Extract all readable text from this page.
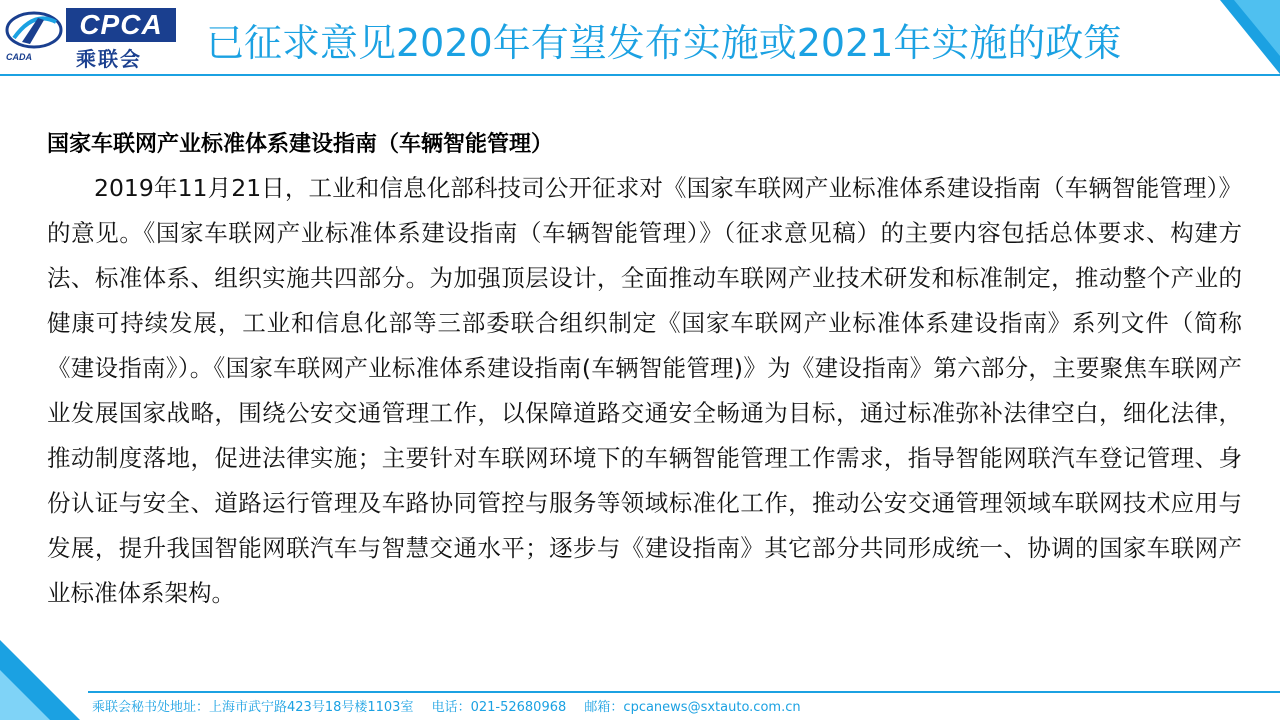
CADA
CPCA
乘联会 已征求意见2020年有望发布实施或2021年实施的政策

国家车联网产业标准体系建设指南（车辆智能管理）

2019年11月21日，工业和信息化部科技司公开征求对《国家车联网产业标准体系建设指南（车辆智能管理）》的意见。《国家车联网产业标准体系建设指南（车辆智能管理）》（征求意见稿）的主要内容包括总体要求、构建方法、标准体系、组织实施共四部分。为加强顶层设计，全面推动车联网产业技术研发和标准制定，推动整个产业的健康可持续发展，工业和信息化部等三部委联合组织制定《国家车联网产业标准体系建设指南》系列文件（简称《建设指南》）。《国家车联网产业标准体系建设指南(车辆智能管理)》为《建设指南》第六部分，主要聚焦车联网产业发展国家战略，围绕公安交通管理工作，以保障道路交通安全畅通为目标，通过标准弥补法律空白，细化法律，推动制度落地，促进法律实施；主要针对车联网环境下的车辆智能管理工作需求，指导智能网联汽车登记管理、身份认证与安全、道路运行管理及车路协同管控与服务等领域标准化工作，推动公安交通管理领域车联网技术应用与发展，提升我国智能网联汽车与智慧交通水平；逐步与《建设指南》其它部分共同形成统一、协调的国家车联网产业标准体系架构。

乘联会秘书处地址：上海市武宁路423号18号楼1103室 电话：021-52680968 邮箱：cpcanews@sxtauto.com.cn
